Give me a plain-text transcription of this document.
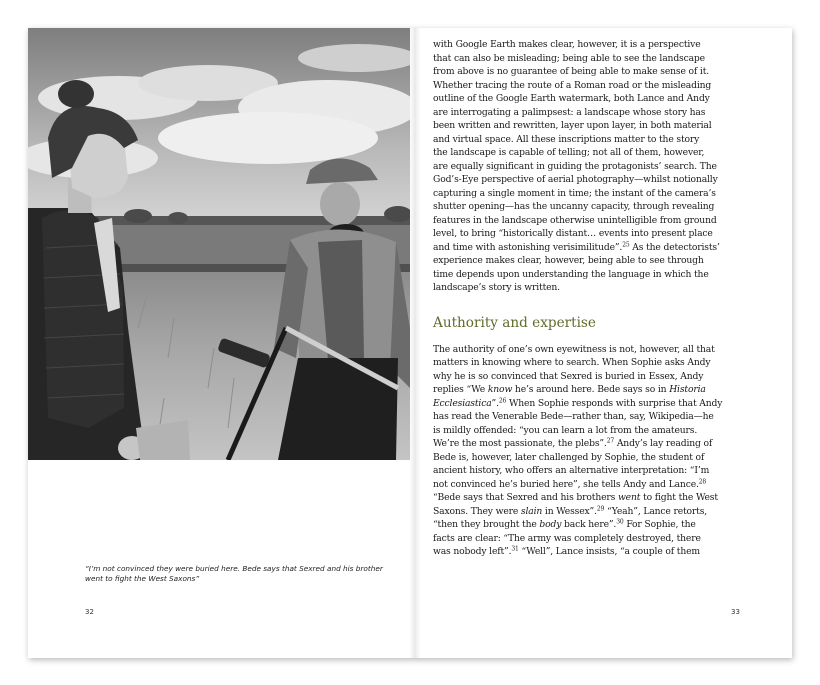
“I’m not convinced they were buried here. Bede says that Sexred and his brother
went to fight the West Saxons”
32	33
with Google Earth makes clear, however, it is a perspective
that can also be misleading; being able to see the landscape
from above is no guarantee of being able to make sense of it.
Whether tracing the route of a Roman road or the misleading
outline of the Google Earth watermark, both Lance and Andy
are interrogating a palimpsest: a landscape whose story has
been written and rewritten, layer upon layer, in both material
and virtual space. All these inscriptions matter to the story
the landscape is capable of telling; not all of them, however,
are equally significant in guiding the protagonists’ search. The
God’s-Eye perspective of aerial photography—whilst notionally
capturing a single moment in time; the instant of the camera’s
shutter opening—has the uncanny capacity, through revealing
features in the landscape otherwise unintelligible from ground
level, to bring “historically distant… events into present place
and time with astonishing verisimilitude”.$^{25}$ As the detectorists’
experience makes clear, however, being able to see through
time depends upon understanding the language in which the
landscape’s story is written.
Authority and expertise
The authority of one’s own eyewitness is not, however, all that
matters in knowing where to search. When Sophie asks Andy
why he is so convinced that Sexred is buried in Essex, Andy
replies “We know he’s around here. Bede says so in Historia
Ecclesiastica”.$^{26}$ When Sophie responds with surprise that Andy
has read the Venerable Bede—rather than, say, Wikipedia—he
is mildly offended: “you can learn a lot from the amateurs.
We’re the most passionate, the plebs”.$^{27}$ Andy’s lay reading of
Bede is, however, later challenged by Sophie, the student of
ancient history, who offers an alternative interpretation: “I’m
not convinced he’s buried here”, she tells Andy and Lance.$^{28}$
“Bede says that Sexred and his brothers went to fight the West
Saxons. They were slain in Wessex”.$^{29}$ “Yeah”, Lance retorts,
“then they brought the body back here”.$^{30}$ For Sophie, the
facts are clear: “The army was completely destroyed, there
was nobody left”.$^{31}$ “Well”, Lance insists, “a couple of them
